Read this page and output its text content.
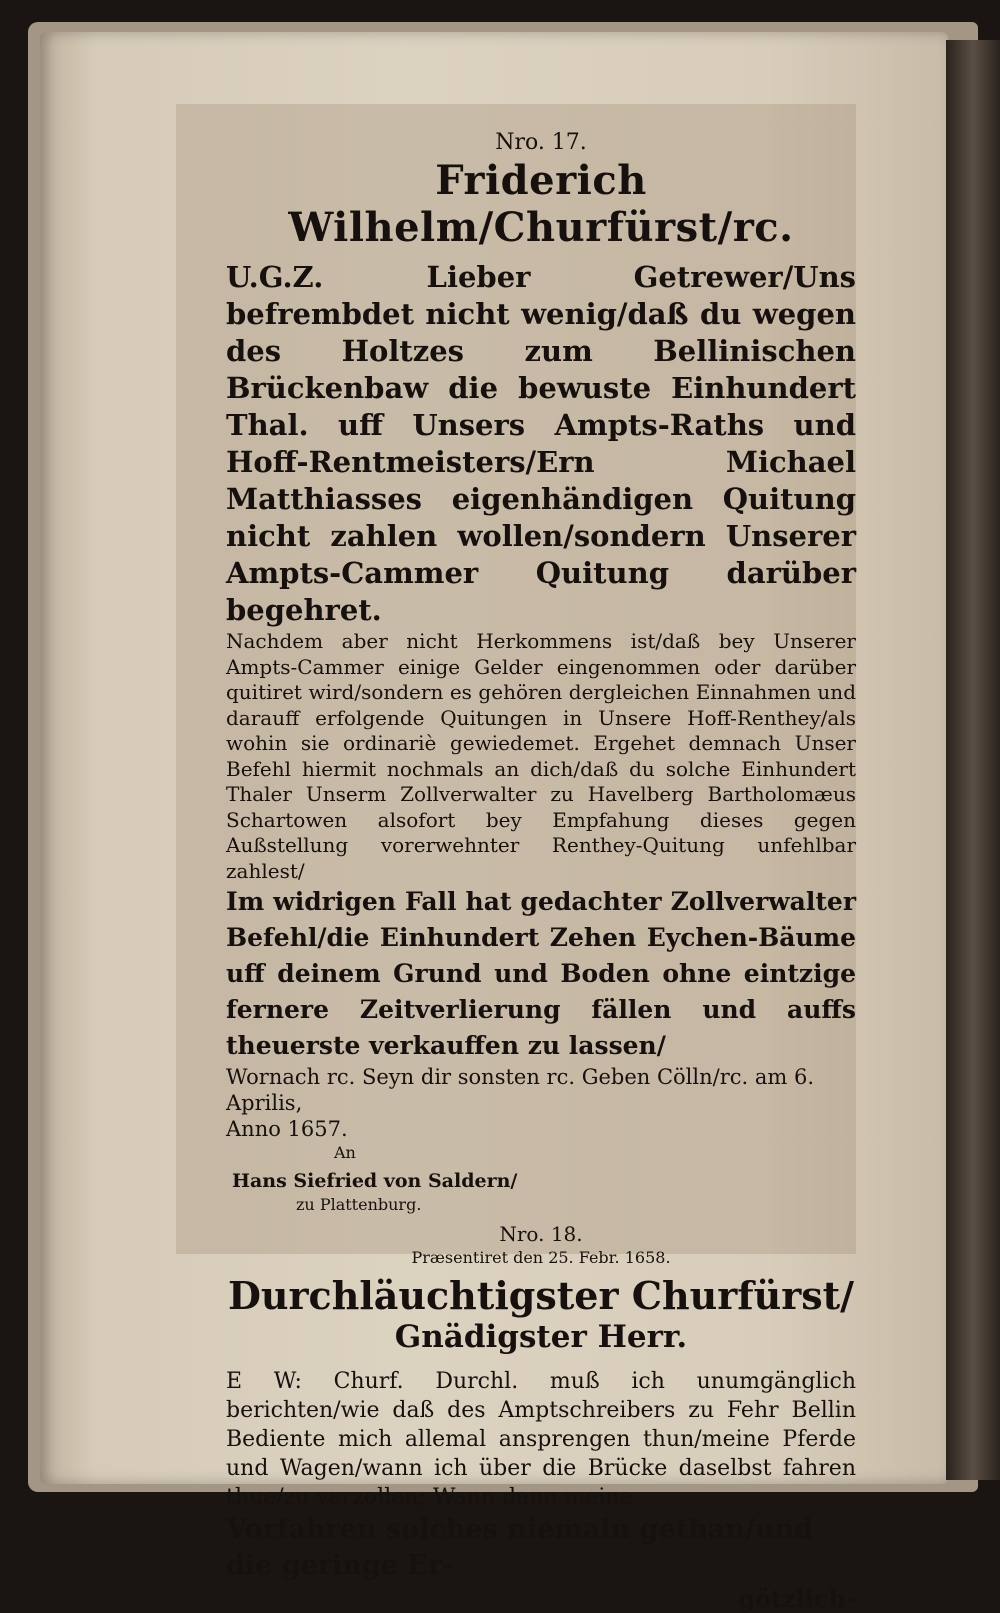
Nro. 17.

Friderich Wilhelm/Churfürst/rc.

U.G.Z. Lieber Getrewer/Uns befrembdet nicht wenig/daß du wegen des Holtzes zum Bellinischen Brückenbaw die bewuste Einhundert Thal. uff Unsers Ampts-Raths und Hoff-Rentmeisters/Ern Michael Matthiasses eigenhändigen Quitung nicht zahlen wollen/sondern Unserer Ampts-Cammer Quitung darüber begehret.

Nachdem aber nicht Herkommens ist/daß bey Unserer Ampts-Cammer einige Gelder eingenommen oder darüber quitiret wird/sondern es gehören dergleichen Einnahmen und darauff erfolgende Quitungen in Unsere Hoff-Renthey/als wohin sie ordinariè gewiedemet. Ergehet demnach Unser Befehl hiermit nochmals an dich/daß du solche Einhundert Thaler Unserm Zollverwalter zu Havelberg Bartholomæus Schartowen alsofort bey Empfahung dieses gegen Außstellung vorerwehnter Renthey-Quitung unfehlbar zahlest/

Im widrigen Fall hat gedachter Zollverwalter Befehl/die Einhundert Zehen Eychen-Bäume uff deinem Grund und Boden ohne eintzige fernere Zeitverlierung fällen und auffs theuerste verkauffen zu lassen/

Wornach rc. Seyn dir sonsten rc. Geben Cölln/rc. am 6. Aprilis,

Anno 1657.

An

Hans Siefried von Saldern/

zu Plattenburg.

Nro. 18.

Præsentiret den 25. Febr. 1658.

Durchläuchtigster Churfürst/

Gnädigster Herr.

E W: Churf. Durchl. muß ich unumgänglich berichten/wie daß des Amptschreibers zu Fehr Bellin Bediente mich allemal ansprengen thun/meine Pferde und Wagen/wann ich über die Brücke daselbst fahren thue/zu verzollen; Wann dann meine

Vorfahren solches niemaln gethan/und die geringe Er-

götzlich-
